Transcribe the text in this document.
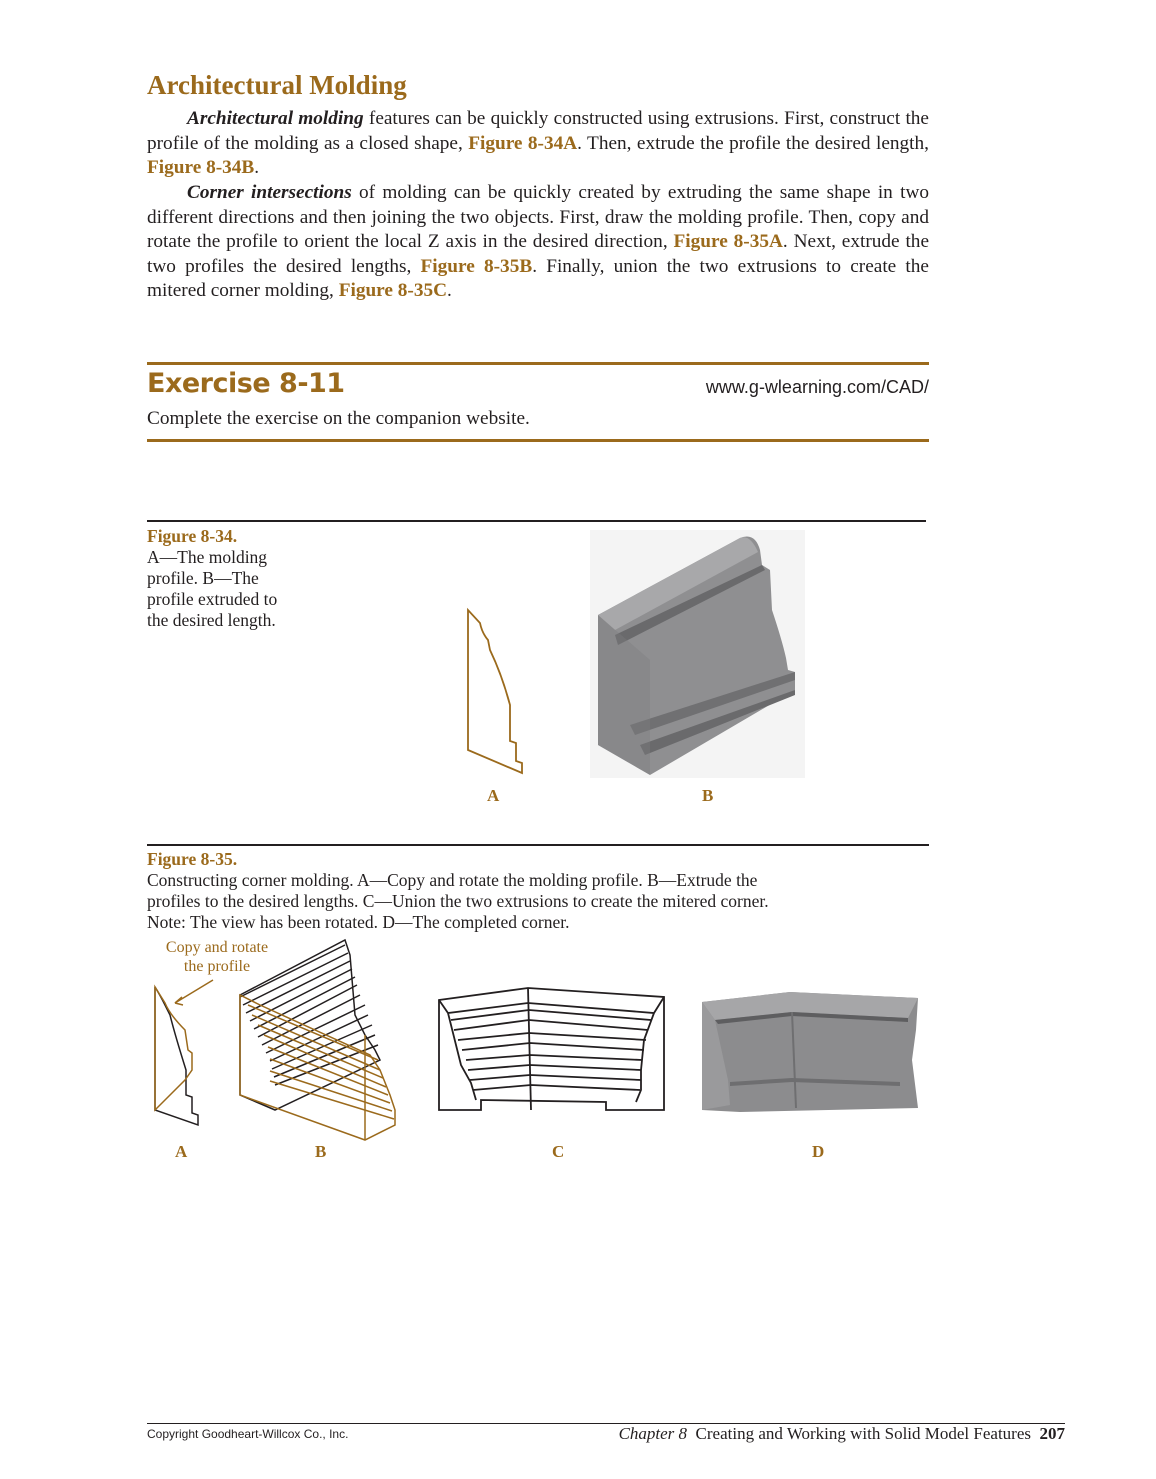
Architectural Molding

Architectural molding features can be quickly constructed using extrusions. First, construct the profile of the molding as a closed shape, Figure 8-34A. Then, extrude the profile the desired length, Figure 8-34B.

Corner intersections of molding can be quickly created by extruding the same shape in two different directions and then joining the two objects. First, draw the molding profile. Then, copy and rotate the profile to orient the local Z axis in the desired direction, Figure 8-35A. Next, extrude the two profiles the desired lengths, Figure 8-35B. Finally, union the two extrusions to create the mitered corner molding, Figure 8-35C.

Exercise 8-11	www.g-wlearning.com/CAD/
Complete the exercise on the companion website.
Figure 8-34.
A—The molding
profile. B—The
profile extruded to
the desired length.
A	B
Figure 8-35.
Constructing corner molding. A—Copy and rotate the molding profile. B—Extrude the
profiles to the desired lengths. C—Union the two extrusions to create the mitered corner.
Note: The view has been rotated. D—The completed corner.
Copy and rotate
the profile
A	B	C	D
Copyright Goodheart-Willcox Co., Inc.	Chapter 8 Creating and Working with Solid Model Features 207
